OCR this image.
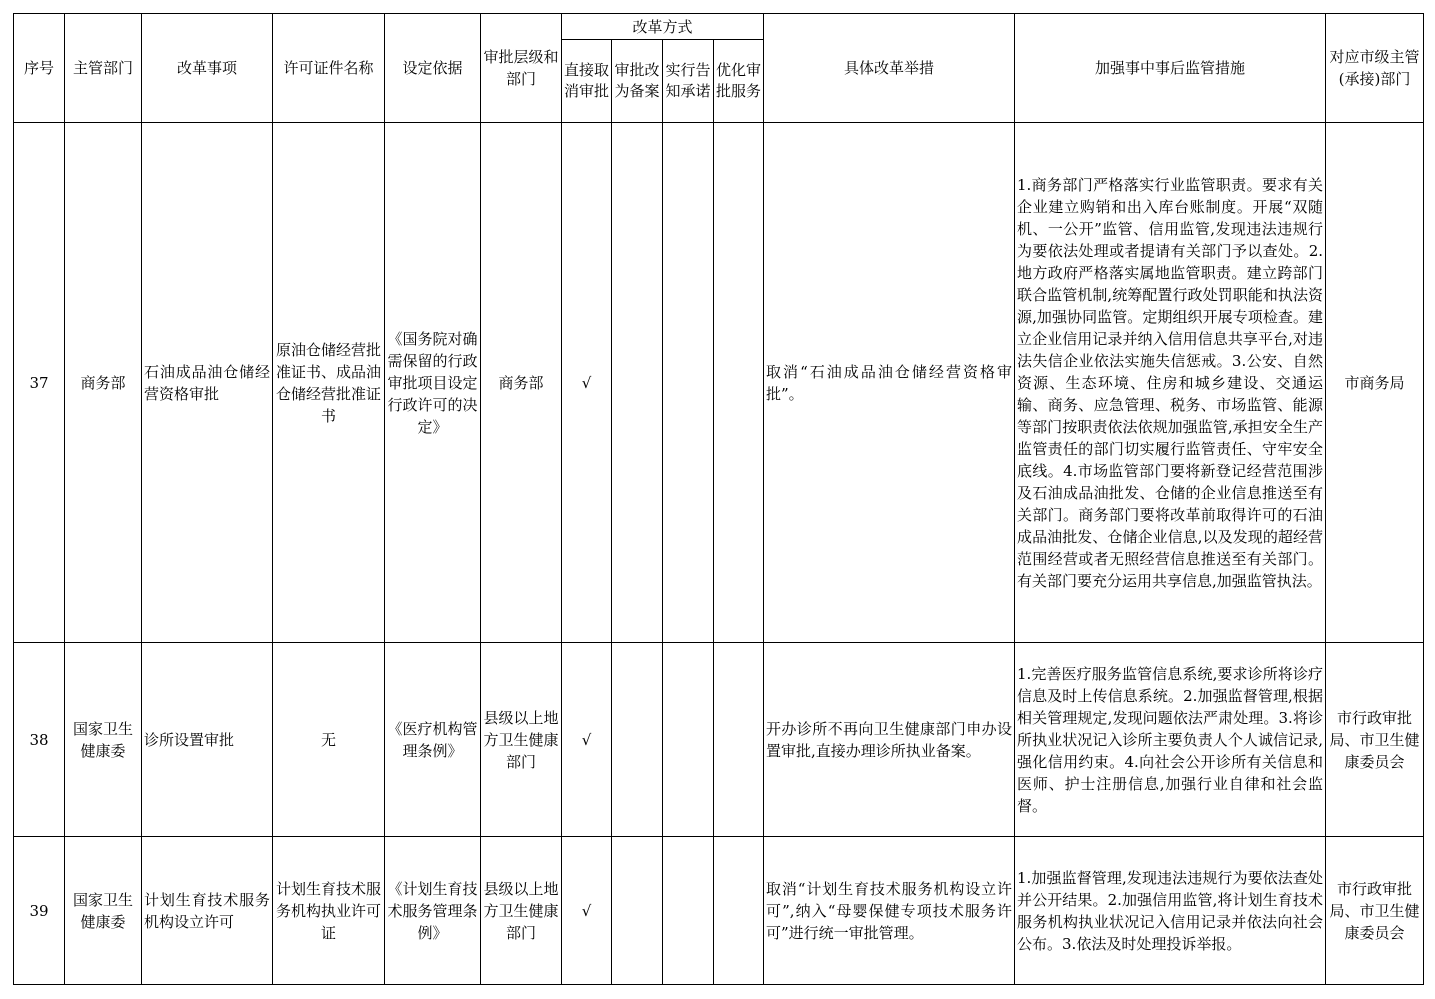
序号	主管部门	改革事项	许可证件名称	设定依据	审批层级和部门	改革方式				具体改革举措	加强事中事后监管措施	对应市级主管(承接)部门
						直接取消审批	审批改为备案	实行告知承诺	优化审批服务			
37	商务部	石油成品油仓储经营资格审批	原油仓储经营批准证书、成品油仓储经营批准证书	《国务院对确需保留的行政审批项目设定行政许可的决定》	商务部	√				取消“石油成品油仓储经营资格审批”。	1.商务部门严格落实行业监管职责。要求有关企业建立购销和出入库台账制度。开展“双随机、一公开”监管、信用监管,发现违法违规行为要依法处理或者提请有关部门予以查处。2.地方政府严格落实属地监管职责。建立跨部门联合监管机制,统筹配置行政处罚职能和执法资源,加强协同监管。定期组织开展专项检查。建立企业信用记录并纳入信用信息共享平台,对违法失信企业依法实施失信惩戒。3.公安、自然资源、生态环境、住房和城乡建设、交通运输、商务、应急管理、税务、市场监管、能源等部门按职责依法依规加强监管,承担安全生产监管责任的部门切实履行监管责任、守牢安全底线。4.市场监管部门要将新登记经营范围涉及石油成品油批发、仓储的企业信息推送至有关部门。商务部门要将改革前取得许可的石油成品油批发、仓储企业信息,以及发现的超经营范围经营或者无照经营信息推送至有关部门。有关部门要充分运用共享信息,加强监管执法。	市商务局
38	国家卫生健康委	诊所设置审批	无	《医疗机构管理条例》	县级以上地方卫生健康部门	√				开办诊所不再向卫生健康部门申办设置审批,直接办理诊所执业备案。	1.完善医疗服务监管信息系统,要求诊所将诊疗信息及时上传信息系统。2.加强监督管理,根据相关管理规定,发现问题依法严肃处理。3.将诊所执业状况记入诊所主要负责人个人诚信记录,强化信用约束。4.向社会公开诊所有关信息和医师、护士注册信息,加强行业自律和社会监督。	市行政审批局、市卫生健康委员会
39	国家卫生健康委	计划生育技术服务机构设立许可	计划生育技术服务机构执业许可证	《计划生育技术服务管理条例》	县级以上地方卫生健康部门	√				取消“计划生育技术服务机构设立许可”,纳入“母婴保健专项技术服务许可”进行统一审批管理。	1.加强监督管理,发现违法违规行为要依法查处并公开结果。2.加强信用监管,将计划生育技术服务机构执业状况记入信用记录并依法向社会公布。3.依法及时处理投诉举报。	市行政审批局、市卫生健康委员会
